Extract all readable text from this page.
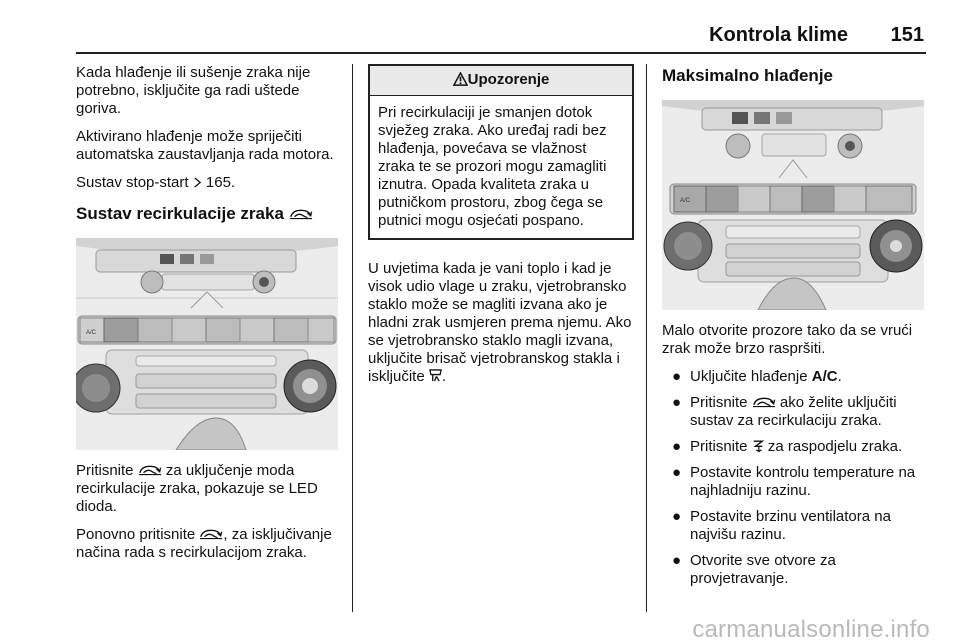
Kontrola klime	151

Kada hlađenje ili sušenje zraka nije potrebno, isključite ga radi uštede goriva.

Aktivirano hlađenje može spriječiti automatska zaustavljanja rada motora.

Sustav stop-start 165.

Sustav recirkulacije zraka
A/C

Pritisnite za uključenje moda recirkulacije zraka, pokazuje se LED dioda.

Ponovno pritisnite , za isključivanje načina rada s recirkulacijom zraka.

Upozorenje
Pri recirkulaciji je smanjen dotok svježeg zraka. Ako uređaj radi bez hlađenja, povećava se vlažnost zraka te se prozori mogu zamagliti iznutra. Opada kvaliteta zraka u putničkom prostoru, zbog čega se putnici mogu osjećati pospano.

U uvjetima kada je vani toplo i kad je visok udio vlage u zraku, vjetrobransko staklo može se magliti izvana ako je hladni zrak usmjeren prema njemu. Ako se vjetrobransko staklo magli izvana, uključite brisač vjetrobranskog stakla i isključite .

Maksimalno hlađenje
A/C

Malo otvorite prozore tako da se vrući zrak može brzo raspršiti.

● Uključite hlađenje A/C.
● Pritisnite ako želite uključiti sustav za recirkulaciju zraka.
● Pritisnite za raspodjelu zraka.
● Postavite kontrolu temperature na najhladniju razinu.
● Postavite brzinu ventilatora na najvišu razinu.
● Otvorite sve otvore za provjetravanje.
carmanualsonline.info
